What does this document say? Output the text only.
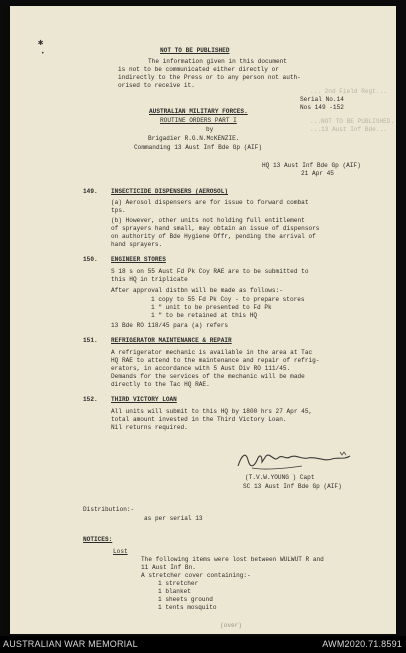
✱
•	NOT TO BE PUBLISHED
The information given in this document
is not to be communicated either directly or
indirectly to the Press or to any person not auth-
orised to receive it.
... 2nd Field Regt...
...NOT TO BE PUBLISHED.
...13 Aust Inf Bde...
Serial No.14
Nos 149 -152
AUSTRALIAN MILITARY FORCES.
ROUTINE ORDERS PART I
by
Brigadier R.G.N.McKENZIE.
Commanding 13 Aust Inf Bde Gp (AIF)
HQ 13 Aust Inf Bde Gp (AIF)
21 Apr 45
149. INSECTICIDE DISPENSERS (AEROSOL)
(a) Aerosol dispensers are for issue to forward combat
tps.
(b) However, other units not holding full entitlement
of sprayers hand small, may obtain an issue of dispensors
on authority of Bde Hygiene Offr, pending the arrival of
hand sprayers.
150. ENGINEER STORES
S 18 s on 55 Aust Fd Pk Coy RAE are to be submitted to
this HQ in triplicate
After approval distbn will be made as follows:-
1 copy to 55 Fd Pk Coy - to prepare stores
1 " unit to be presented to Fd Pk
1 " to be retained at this HQ
13 Bde RO 118/45 para (a) refers
151. REFRIGERATOR MAINTENANCE & REPAIR
A refrigerator mechanic is available in the area at Tac
HQ RAE to attend to the maintenance and repair of refrig-
erators, in accordance with 5 Aust Div RO 111/45.
Demands for the services of the mechanic will be made
directly to the Tac HQ RAE.
152. THIRD VICTORY LOAN
All units will submit to this HQ by 1800 hrs 27 Apr 45,
total amount invested in the Third Victory Loan.
Nil returns required.
(T.V.W.YOUNG ) Capt
SC 13 Aust Inf Bde Gp (AIF)
Distribution:-
as per serial 13
NOTICES:
Lost
The following items were lost between WULWUT R and
11 Aust Inf Bn.
A stretcher cover containing:-
1 stretcher
1 blanket
1 sheets ground
1 tents mosquito
(over)
AUSTRALIAN WAR MEMORIAL	AWM2020.71.8591
